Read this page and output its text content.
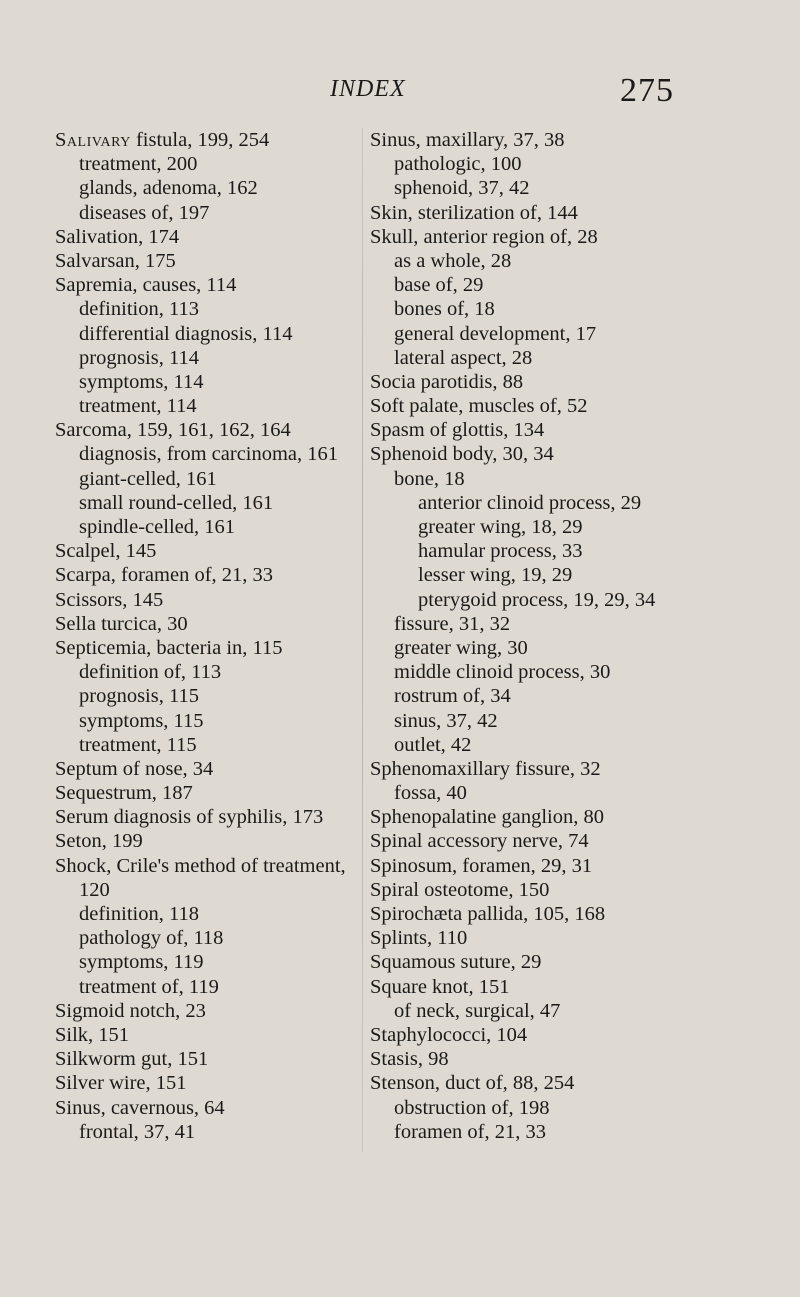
INDEX	275
Salivary fistula, 199, 254
treatment, 200
glands, adenoma, 162
diseases of, 197
Salivation, 174
Salvarsan, 175
Sapremia, causes, 114
definition, 113
differential diagnosis, 114
prognosis, 114
symptoms, 114
treatment, 114
Sarcoma, 159, 161, 162, 164
diagnosis, from carcinoma, 161
giant-celled, 161
small round-celled, 161
spindle-celled, 161
Scalpel, 145
Scarpa, foramen of, 21, 33
Scissors, 145
Sella turcica, 30
Septicemia, bacteria in, 115
definition of, 113
prognosis, 115
symptoms, 115
treatment, 115
Septum of nose, 34
Sequestrum, 187
Serum diagnosis of syphilis, 173
Seton, 199
Shock, Crile's method of treatment,
120
definition, 118
pathology of, 118
symptoms, 119
treatment of, 119
Sigmoid notch, 23
Silk, 151
Silkworm gut, 151
Silver wire, 151
Sinus, cavernous, 64
frontal, 37, 41
Sinus, maxillary, 37, 38
pathologic, 100
sphenoid, 37, 42
Skin, sterilization of, 144
Skull, anterior region of, 28
as a whole, 28
base of, 29
bones of, 18
general development, 17
lateral aspect, 28
Socia parotidis, 88
Soft palate, muscles of, 52
Spasm of glottis, 134
Sphenoid body, 30, 34
bone, 18
anterior clinoid process, 29
greater wing, 18, 29
hamular process, 33
lesser wing, 19, 29
pterygoid process, 19, 29, 34
fissure, 31, 32
greater wing, 30
middle clinoid process, 30
rostrum of, 34
sinus, 37, 42
outlet, 42
Sphenomaxillary fissure, 32
fossa, 40
Sphenopalatine ganglion, 80
Spinal accessory nerve, 74
Spinosum, foramen, 29, 31
Spiral osteotome, 150
Spirochæta pallida, 105, 168
Splints, 110
Squamous suture, 29
Square knot, 151
of neck, surgical, 47
Staphylococci, 104
Stasis, 98
Stenson, duct of, 88, 254
obstruction of, 198
foramen of, 21, 33
